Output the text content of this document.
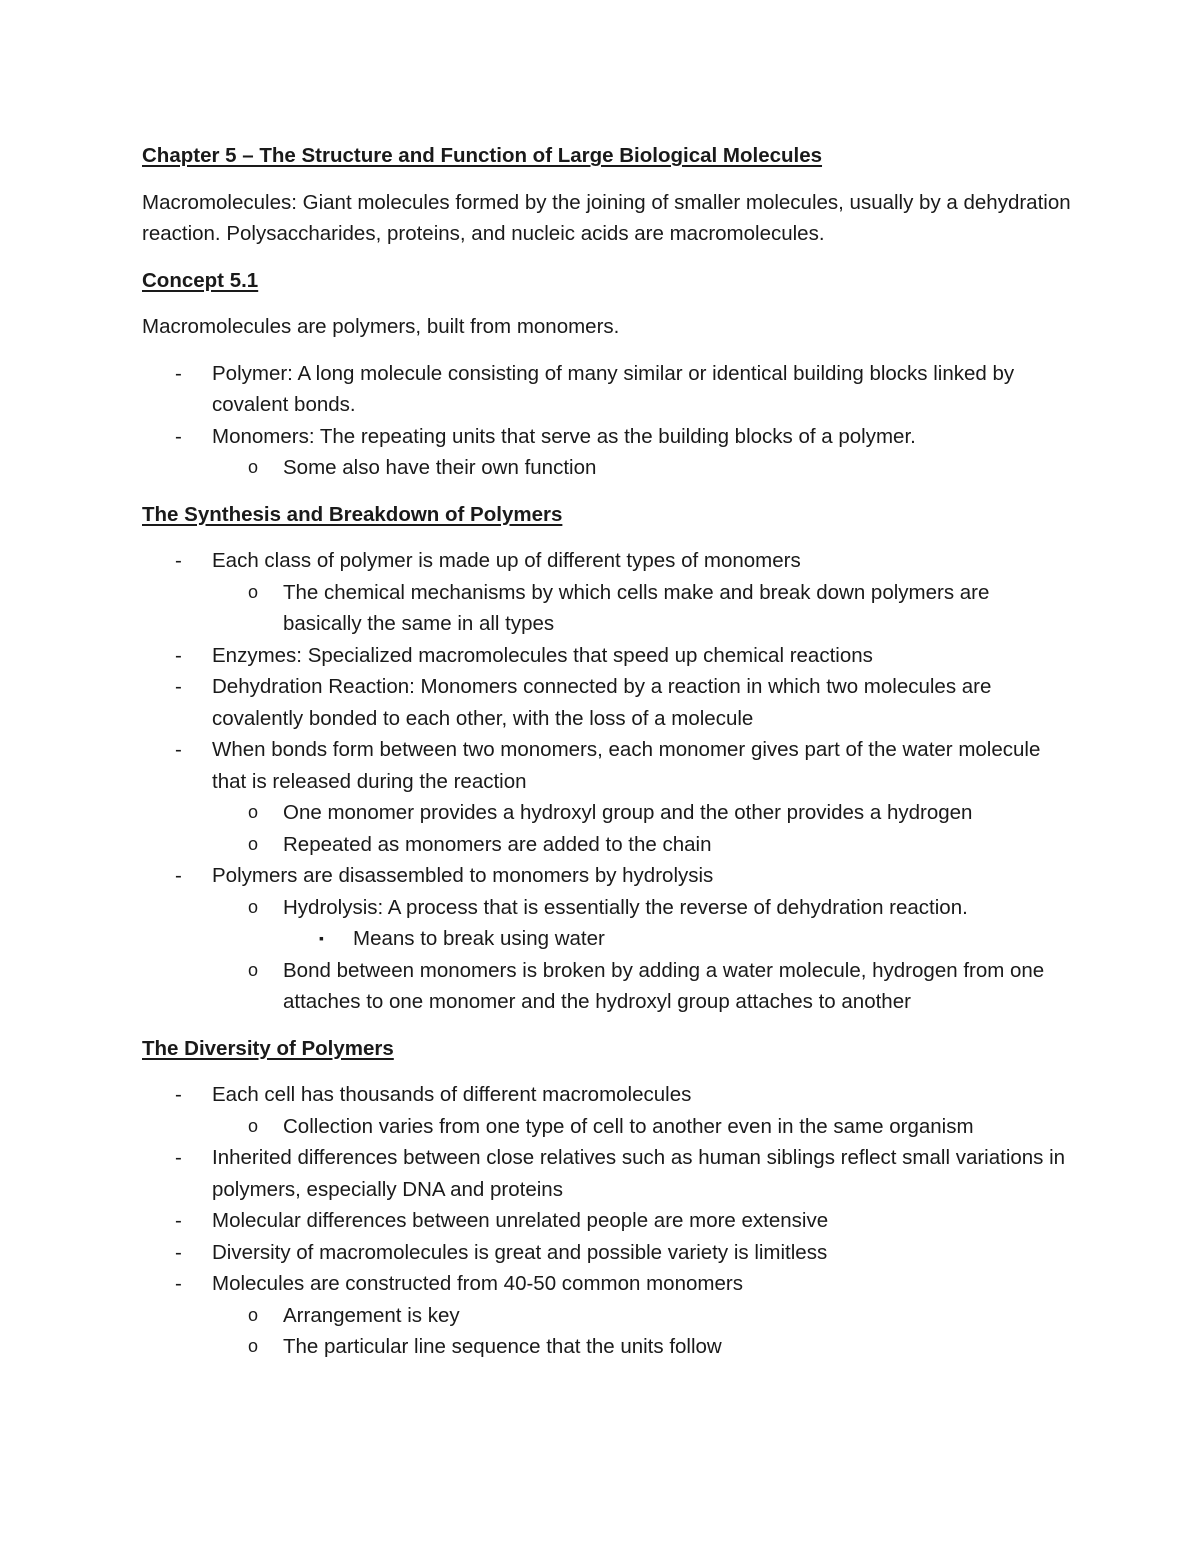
Chapter 5 – The Structure and Function of Large Biological Molecules

Macromolecules: Giant molecules formed by the joining of smaller molecules, usually by a dehydration reaction. Polysaccharides, proteins, and nucleic acids are macromolecules.

Concept 5.1

Macromolecules are polymers, built from monomers.

- Polymer: A long molecule consisting of many similar or identical building blocks linked by covalent bonds.
- Monomers: The repeating units that serve as the building blocks of a polymer.
o Some also have their own function

The Synthesis and Breakdown of Polymers

- Each class of polymer is made up of different types of monomers
o The chemical mechanisms by which cells make and break down polymers are basically the same in all types
- Enzymes: Specialized macromolecules that speed up chemical reactions
- Dehydration Reaction: Monomers connected by a reaction in which two molecules are covalently bonded to each other, with the loss of a molecule
- When bonds form between two monomers, each monomer gives part of the water molecule that is released during the reaction
o One monomer provides a hydroxyl group and the other provides a hydrogen
o Repeated as monomers are added to the chain
- Polymers are disassembled to monomers by hydrolysis
o Hydrolysis: A process that is essentially the reverse of dehydration reaction.
▪ Means to break using water
o Bond between monomers is broken by adding a water molecule, hydrogen from one attaches to one monomer and the hydroxyl group attaches to another

The Diversity of Polymers

- Each cell has thousands of different macromolecules
o Collection varies from one type of cell to another even in the same organism
- Inherited differences between close relatives such as human siblings reflect small variations in polymers, especially DNA and proteins
- Molecular differences between unrelated people are more extensive
- Diversity of macromolecules is great and possible variety is limitless
- Molecules are constructed from 40-50 common monomers
o Arrangement is key
o The particular line sequence that the units follow
